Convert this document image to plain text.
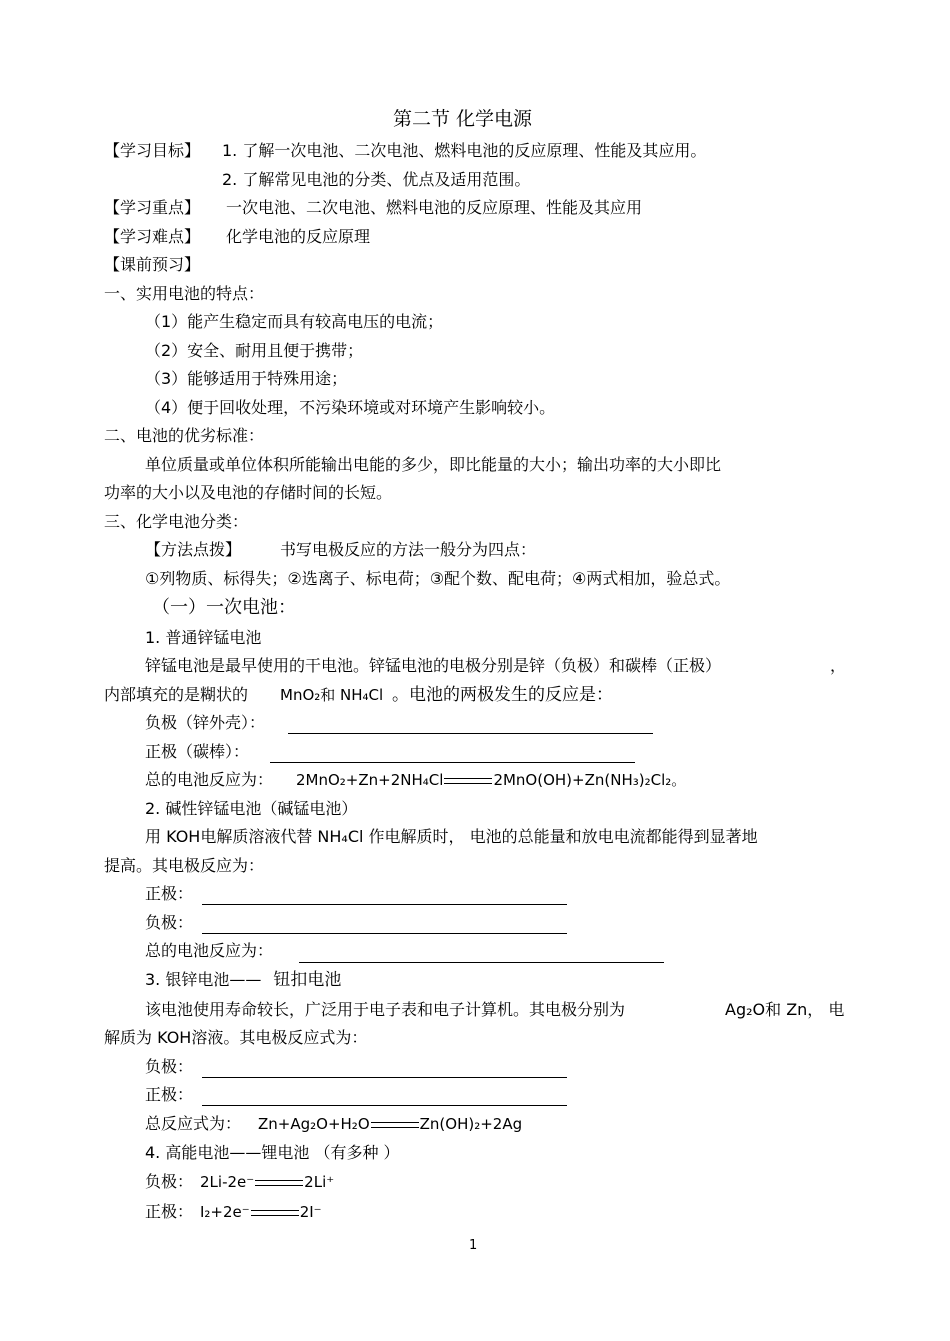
第二节 化学电源
【学习目标】 1. 了解一次电池、二次电池、燃料电池的反应原理、性能及其应用。
2. 了解常见电池的分类、优点及适用范围。
【学习重点】 一次电池、二次电池、燃料电池的反应原理、性能及其应用
【学习难点】 化学电池的反应原理
【课前预习】
一、实用电池的特点：
（1）能产生稳定而具有较高电压的电流；
（2）安全、耐用且便于携带；
（3）能够适用于特殊用途；
（4）便于回收处理，不污染环境或对环境产生影响较小。
二、电池的优劣标准：
单位质量或单位体积所能输出电能的多少，即比能量的大小；输出功率的大小即比
功率的大小以及电池的存储时间的长短。
三、化学电池分类：
【方法点拨】 书写电极反应的方法一般分为四点：
①列物质、标得失；②选离子、标电荷；③配个数、配电荷；④两式相加，验总式。
（一）一次电池：
1. 普通锌锰电池
锌锰电池是最早使用的干电池。锌锰电池的电极分别是锌（负极）和碳棒（正极）	，
内部填充的是糊状的 MnO₂和 NH₄Cl 。电池的两极发生的反应是：
负极（锌外壳）：
正极（碳棒）：
总的电池反应为： 2MnO₂+Zn+2NH₄Cl	2MnO(OH)+Zn(NH₃)₂Cl₂。
2. 碱性锌锰电池（碱锰电池）
用 KOH电解质溶液代替 NH₄Cl 作电解质时， 电池的总能量和放电电流都能得到显著地
提高。其电极反应为：
正极：
负极：
总的电池反应为：
3. 银锌电池—— 钮扣电池
该电池使用寿命较长，广泛用于电子表和电子计算机。其电极分别为	Ag₂O和 Zn， 电
解质为 KOH溶液。其电极反应式为：
负极：
正极：
总反应式为： Zn+Ag₂O+H₂O	Zn(OH)₂+2Ag
4. 高能电池——锂电池 （有多种 ）
负极： 2Li-2e⁻	2Li⁺
正极： I₂+2e⁻	2I⁻
1
